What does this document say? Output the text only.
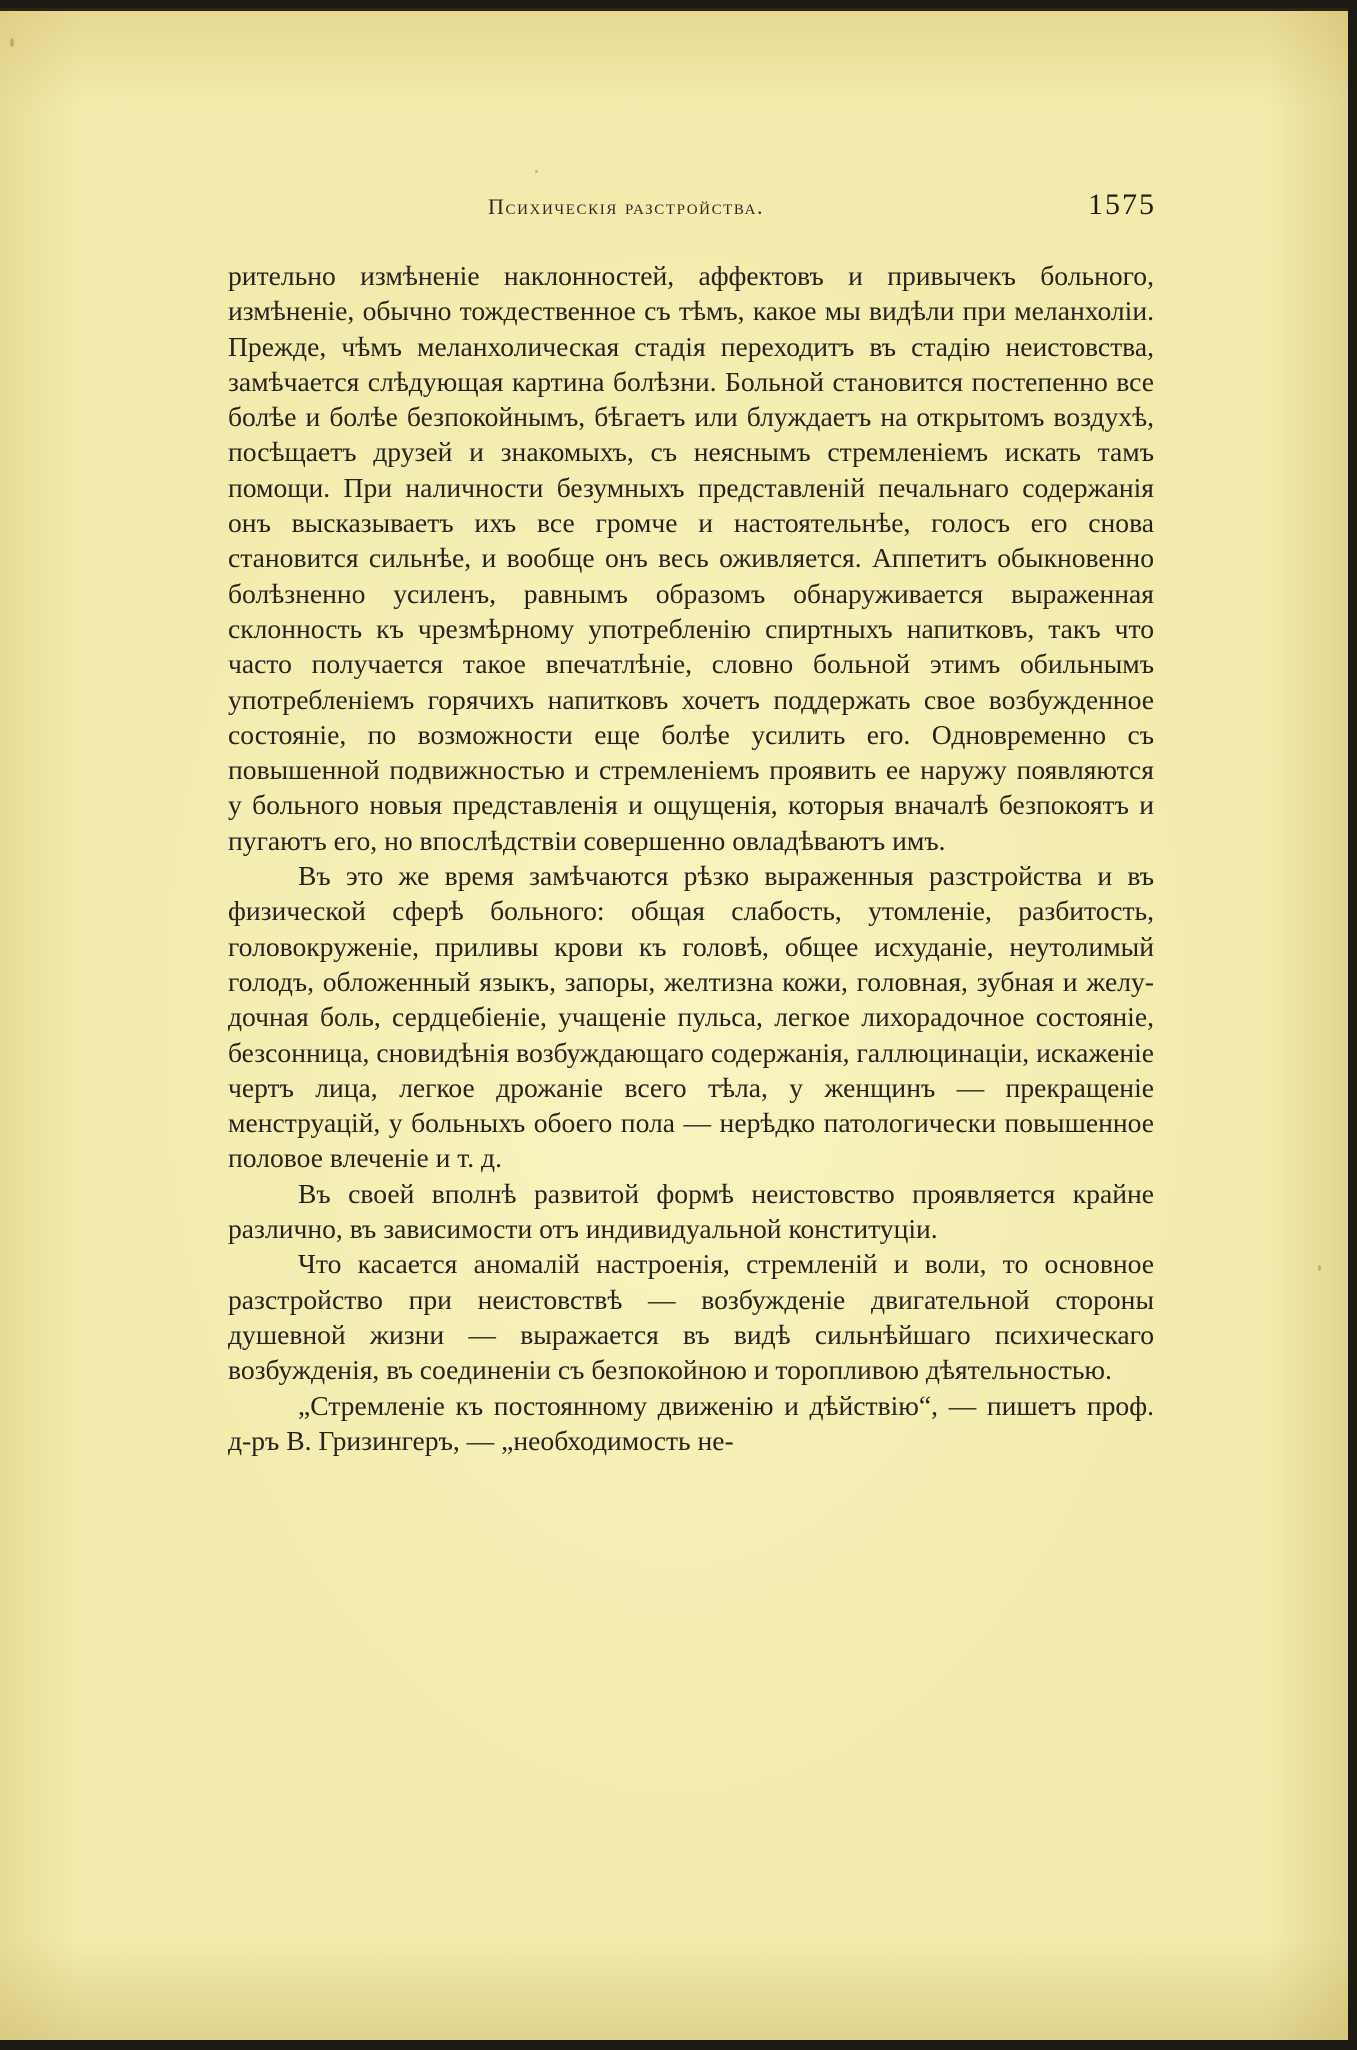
Психическія разстройства.	1575

рительно измѣненіе наклонностей, аффектовъ и привычекъ больного, измѣненіе, обычно тождественное съ тѣмъ, какое мы видѣли при меланхоліи. Прежде, чѣмъ меланхолическая стадія переходитъ въ стадію неистовства, замѣчается слѣдующая картина болѣзни. Больной становится постепенно все болѣе и болѣе безпокойнымъ, бѣгаетъ или блуждаетъ на открытомъ воздухѣ, посѣщаетъ друзей и знакомыхъ, съ неяснымъ стремленіемъ искать тамъ помощи. При наличности безумныхъ представленій печальнаго содержанія онъ высказываетъ ихъ все громче и настоятельнѣе, голосъ его снова становится сильнѣе, и вообще онъ весь оживляется. Аппетитъ обыкновенно болѣзненно усиленъ, равнымъ образомъ обнаруживается выраженная склонность къ чрезмѣрному употребленію спиртныхъ напитковъ, такъ что часто получается такое впечатлѣніе, словно больной этимъ обильнымъ употребленіемъ горячихъ напитковъ хочетъ поддержать свое возбужденное состояніе, по возможности еще болѣе усилить его. Одновременно съ повышенной подвижностью и стремленіемъ проявить ее наружу появляются у больного новыя представленія и ощущенія, которыя вначалѣ безпокоятъ и пугаютъ его, но впослѣдствіи совершенно овладѣваютъ имъ.

Въ это же время замѣчаются рѣзко выраженныя разстройства и въ физической сферѣ больного: общая слабость, утомленіе, разбитость, головокруженіе, приливы крови къ головѣ, общее исхуданіе, неутолимый голодъ, обложенный языкъ, запоры, желтизна кожи, головная, зубная и желудочная боль, сердцебіеніе, учащеніе пульса, легкое лихорадочное состояніе, безсонница, сновидѣнія возбуждающаго содержанія, галлюцинаціи, искаженіе чертъ лица, легкое дрожаніе всего тѣла, у женщинъ — прекращеніе менструацій, у больныхъ обоего пола — нерѣдко патологически повышенное половое влеченіе и т. д.

Въ своей вполнѣ развитой формѣ неистовство проявляется крайне различно, въ зависимости отъ индивидуальной конституціи.

Что касается аномалій настроенія, стремленій и воли, то основное разстройство при неистовствѣ — возбужденіе двигательной стороны душевной жизни — выражается въ видѣ сильнѣйшаго психическаго возбужденія, въ соединеніи съ безпокойною и торопливою дѣятельностью.

„Стремленіе къ постоянному движенію и дѣйствію“, — пишетъ проф. д-ръ В. Гризингеръ, — „необходимость не-
